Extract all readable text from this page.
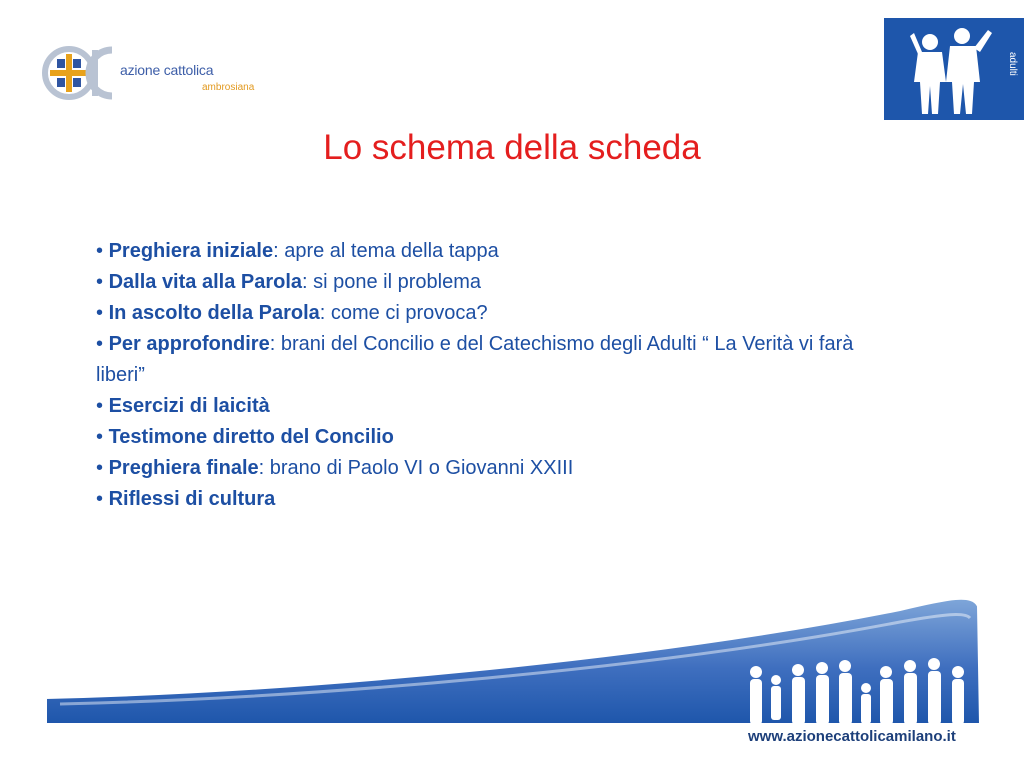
azione cattolica
ambrosiana
adulti
Lo schema della scheda
• Preghiera iniziale: apre al tema della tappa
• Dalla vita alla Parola: si pone il problema
• In ascolto della Parola: come ci provoca?
• Per approfondire: brani del Concilio e del Catechismo degli Adulti “ La Verità vi farà liberi”
• Esercizi di laicità
• Testimone diretto del Concilio
• Preghiera finale: brano di Paolo VI o Giovanni XXIII
• Riflessi di cultura
www.azionecattolicamilano.it
